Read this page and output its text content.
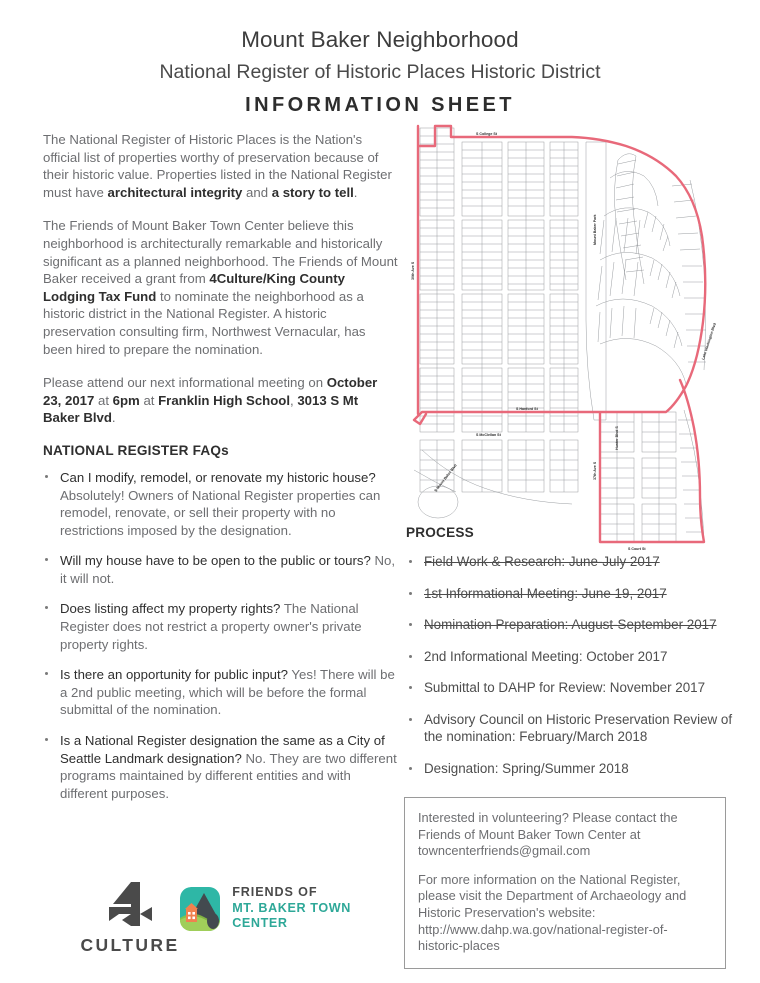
Mount Baker Neighborhood
National Register of Historic Places Historic District
INFORMATION SHEET
S College St
Mount Baker Park
30th Ave S
S McClellan St
S Mount Baker Blvd
S Hanford St
Hunter Blvd S
37th Ave S
Lake Washington Blvd
S Court St

The National Register of Historic Places is the Nation's official list of properties worthy of preservation because of their historic value. Properties listed in the National Register must have architectural integrity and a story to tell.

The Friends of Mount Baker Town Center believe this neighborhood is architecturally remarkable and historically significant as a planned neighborhood. The Friends of Mount Baker received a grant from 4Culture/King County Lodging Tax Fund to nominate the neighborhood as a historic district in the National Register. A historic preservation consulting firm, Northwest Vernacular, has been hired to prepare the nomination.

Please attend our next informational meeting on October 23, 2017 at 6pm at Franklin High School, 3013 S Mt Baker Blvd.

NATIONAL REGISTER FAQs
Can I modify, remodel, or renovate my historic house? Absolutely! Owners of National Register properties can remodel, renovate, or sell their property with no restrictions imposed by the designation.
Will my house have to be open to the public or tours? No, it will not.
Does listing affect my property rights? The National Register does not restrict a property owner's private property rights.
Is there an opportunity for public input? Yes! There will be a 2nd public meeting, which will be before the formal submittal of the nomination.
Is a National Register designation the same as a City of Seattle Landmark designation? No. They are two different programs maintained by different entities and with different purposes.
PROCESS
Field Work & Research: June-July 2017
1st Informational Meeting: June 19, 2017
Nomination Preparation: August-September 2017
2nd Informational Meeting: October 2017
Submittal to DAHP for Review: November 2017
Advisory Council on Historic Preservation Review of the nomination: February/March 2018
Designation: Spring/Summer 2018

Interested in volunteering? Please contact the Friends of Mount Baker Town Center at towncenterfriends@gmail.com

For more information on the National Register, please visit the Department of Archaeology and Historic Preservation's website: http://www.dahp.wa.gov/national-register-of-historic-places

CULTURE
FRIENDS OF
MT. BAKER TOWN CENTER
